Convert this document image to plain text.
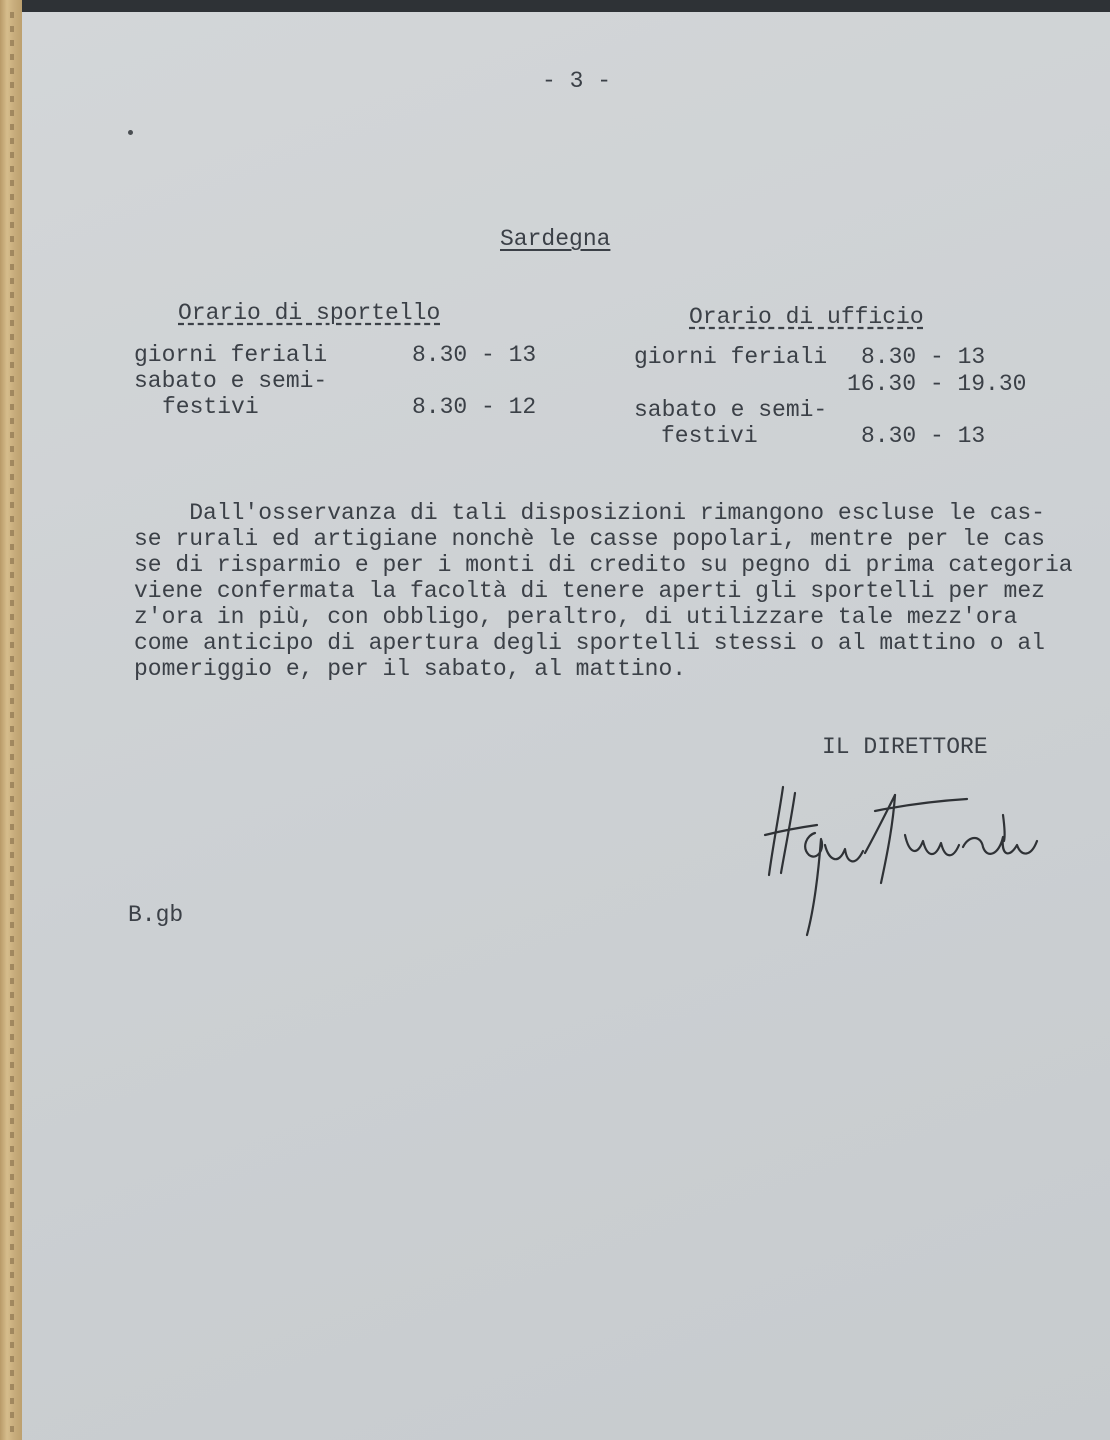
- 3 -
Sardegna
Orario di sportello
giorni feriali	8.30 - 13
sabato e semi-
festivi	8.30 - 12
Orario di ufficio
giorni feriali 8.30 - 13
16.30 - 19.30
sabato e semi-
festivi	8.30 - 13
Dall'osservanza di tali disposizioni rimangono escluse le cas-
se rurali ed artigiane nonchè le casse popolari, mentre per le cas
se di risparmio e per i monti di credito su pegno di prima categoria
viene confermata la facoltà di tenere aperti gli sportelli per mez
z'ora in più, con obbligo, peraltro, di utilizzare tale mezz'ora
come anticipo di apertura degli sportelli stessi o al mattino o al
pomeriggio e, per il sabato, al mattino.
IL DIRETTORE
B.gb
